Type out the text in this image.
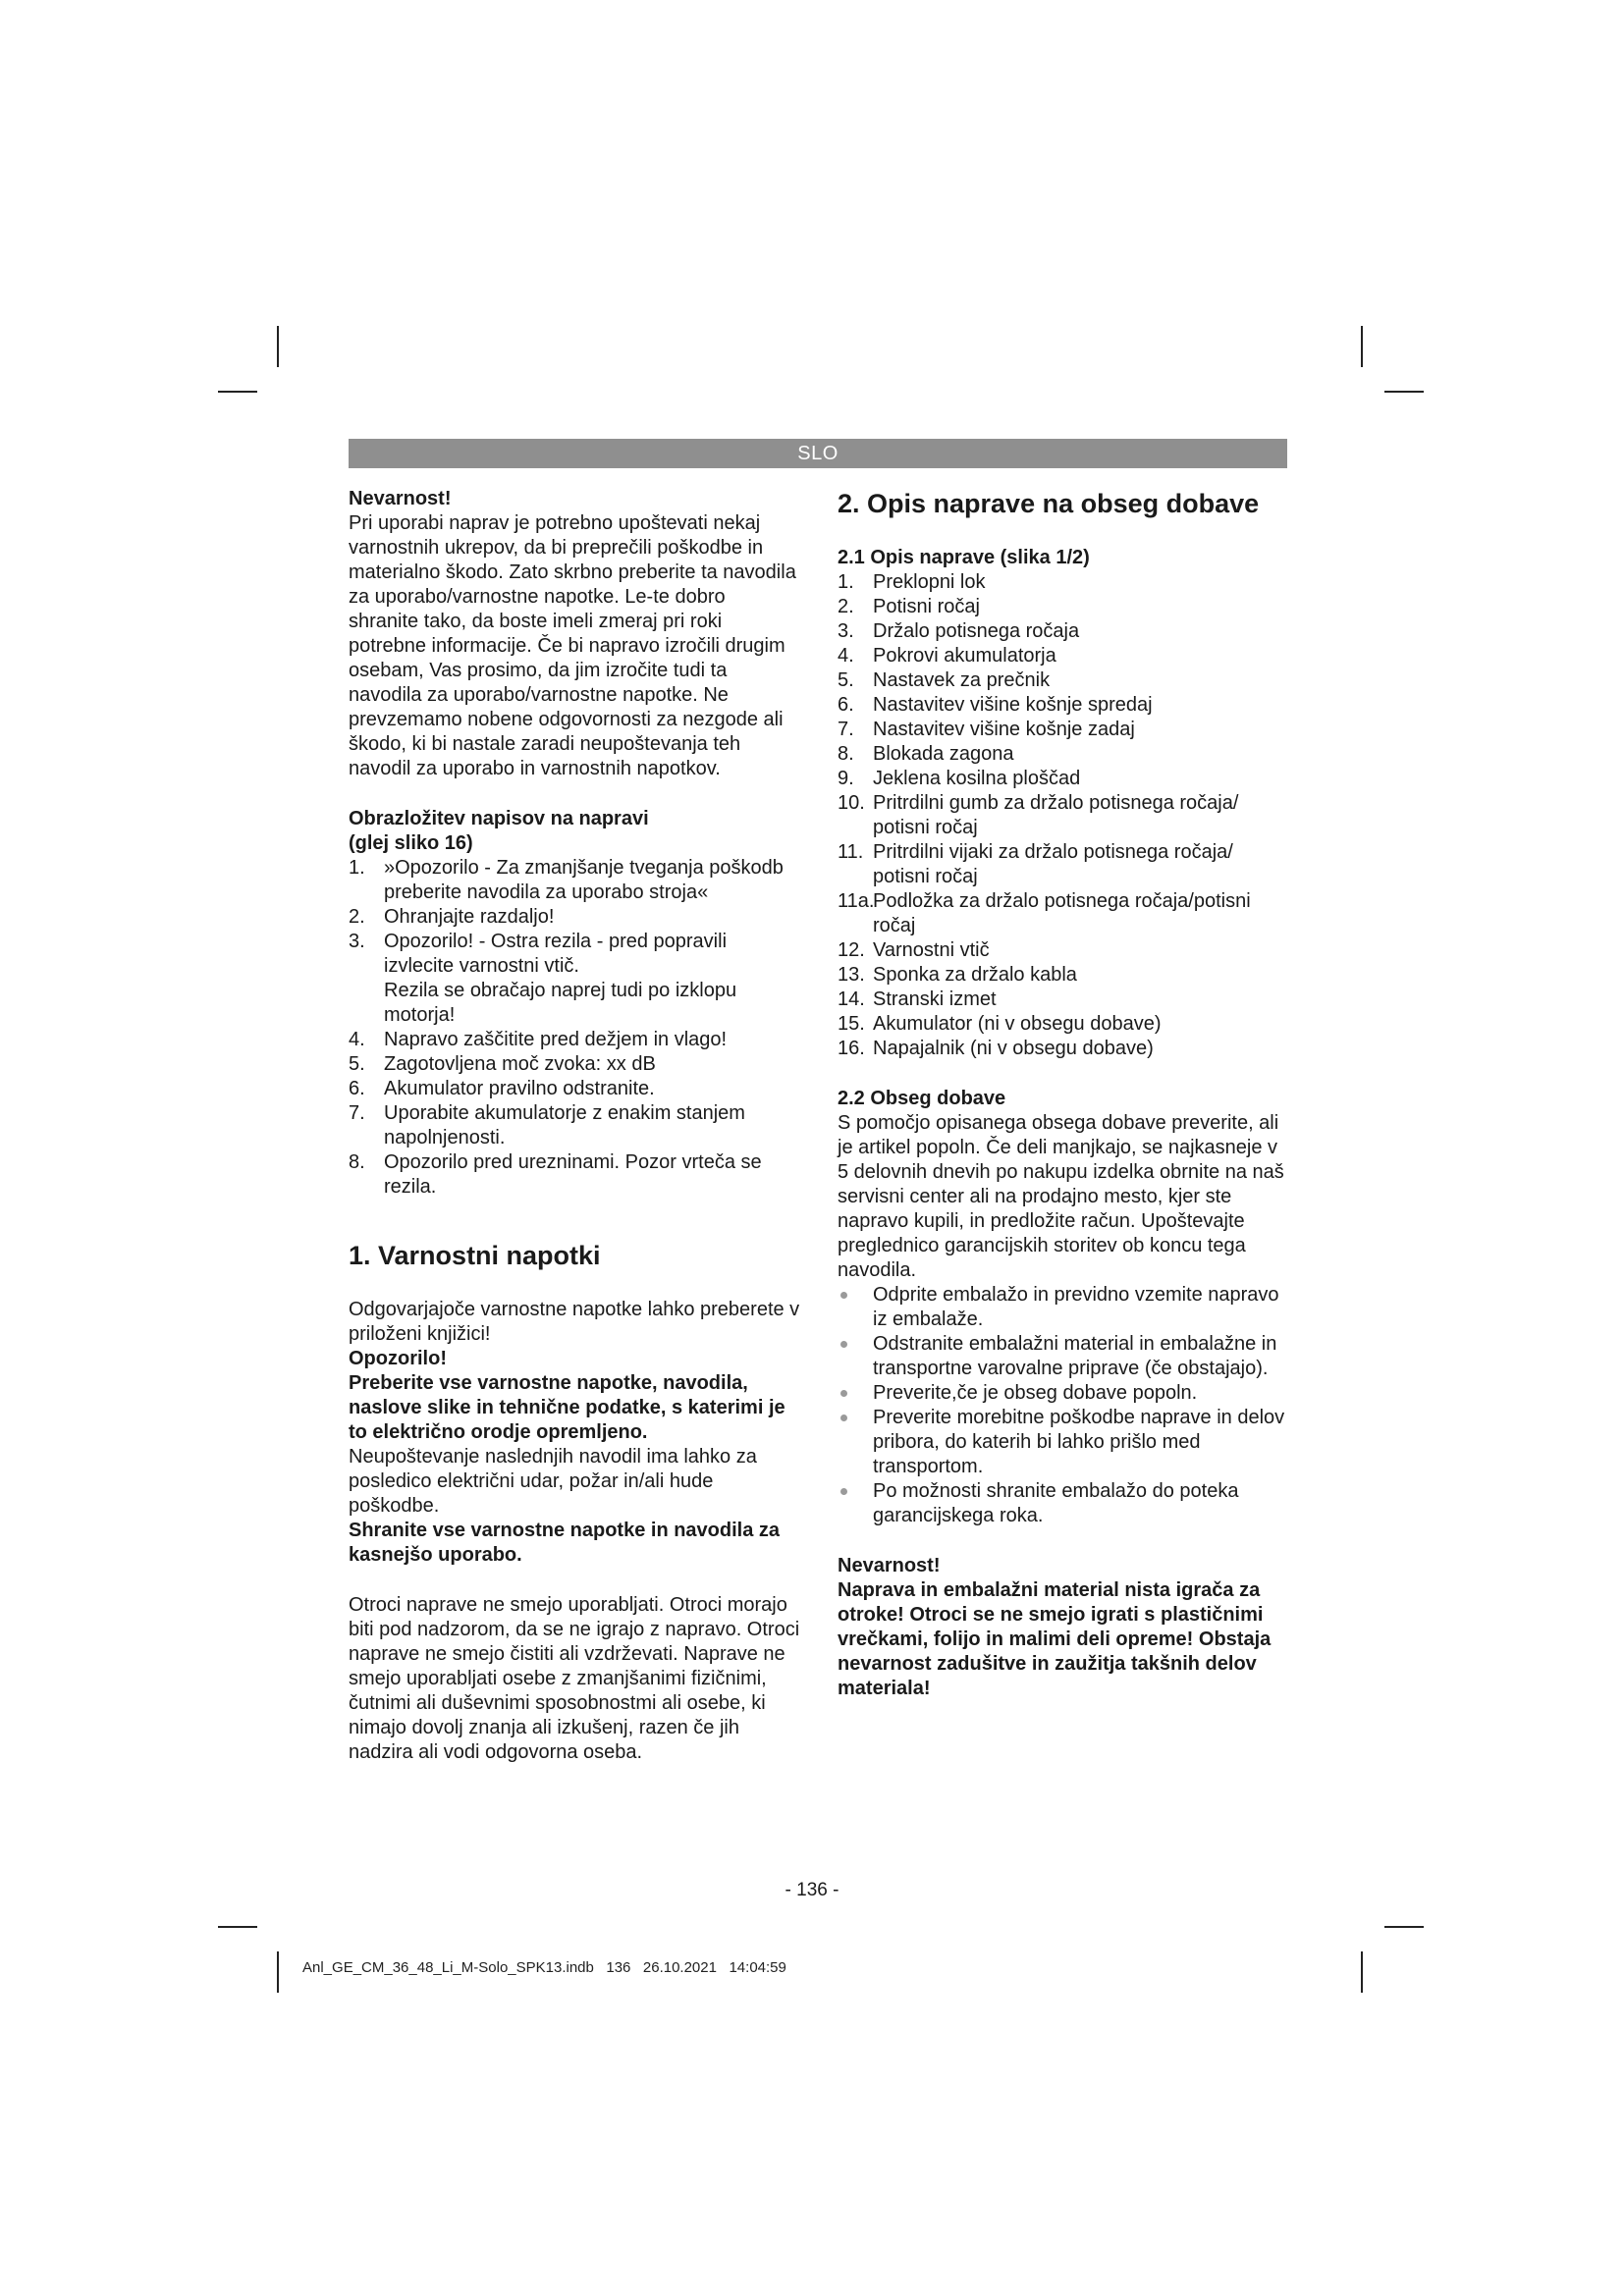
SLO

Nevarnost!

Pri uporabi naprav je potrebno upoštevati nekaj varnostnih ukrepov, da bi preprečili poškodbe in materialno škodo. Zato skrbno preberite ta navodila za uporabo/varnostne napotke. Le-te dobro shranite tako, da boste imeli zmeraj pri roki potrebne informacije. Če bi napravo izročili drugim osebam, Vas prosimo, da jim izročite tudi ta navodila za uporabo/varnostne napotke. Ne prevzemamo nobene odgovornosti za nezgode ali škodo, ki bi nastale zaradi neupoštevanja teh navodil za uporabo in varnostnih napotkov.

Obrazložitev napisov na napravi

(glej sliko 16)

1. »Opozorilo - Za zmanjšanje tveganja poškodb preberite navodila za uporabo stroja«
2. Ohranjajte razdaljo!
3. Opozorilo! - Ostra rezila - pred popravili izvlecite varnostni vtič.
Rezila se obračajo naprej tudi po izklopu motorja!
4. Napravo zaščitite pred dežjem in vlago!
5. Zagotovljena moč zvoka: xx dB
6. Akumulator pravilno odstranite.
7. Uporabite akumulatorje z enakim stanjem napolnjenosti.
8. Opozorilo pred urezninami. Pozor vrteča se rezila.

1. Varnostni napotki

Odgovarjajoče varnostne napotke lahko preberete v priloženi knjižici!

Opozorilo!

Preberite vse varnostne napotke, navodila, naslove slike in tehnične podatke, s katerimi je to električno orodje opremljeno.

Neupoštevanje naslednjih navodil ima lahko za posledico električni udar, požar in/ali hude poškodbe.

Shranite vse varnostne napotke in navodila za kasnejšo uporabo.

Otroci naprave ne smejo uporabljati. Otroci morajo biti pod nadzorom, da se ne igrajo z napravo. Otroci naprave ne smejo čistiti ali vzdrževati. Naprave ne smejo uporabljati osebe z zmanjšanimi fizičnimi, čutnimi ali duševnimi sposobnostmi ali osebe, ki nimajo dovolj znanja ali izkušenj, razen če jih nadzira ali vodi odgovorna oseba.

2. Opis naprave na obseg dobave

2.1 Opis naprave (slika 1/2)

1. Preklopni lok
2. Potisni ročaj
3. Držalo potisnega ročaja
4. Pokrovi akumulatorja
5. Nastavek za prečnik
6. Nastavitev višine košnje spredaj
7. Nastavitev višine košnje zadaj
8. Blokada zagona
9. Jeklena kosilna ploščad
10. Pritrdilni gumb za držalo potisnega ročaja/ potisni ročaj
11. Pritrdilni vijaki za držalo potisnega ročaja/ potisni ročaj
11a.
Podložka za držalo potisnega ročaja/potisni ročaj
12. Varnostni vtič
13. Sponka za držalo kabla
14. Stranski izmet
15. Akumulator (ni v obsegu dobave)
16. Napajalnik (ni v obsegu dobave)

2.2 Obseg dobave

S pomočjo opisanega obsega dobave preverite, ali je artikel popoln. Če deli manjkajo, se najkasneje v 5 delovnih dnevih po nakupu izdelka obrnite na naš servisni center ali na prodajno mesto, kjer ste napravo kupili, in predložite račun. Upoštevajte preglednico garancijskih storitev ob koncu tega navodila.

Odprite embalažo in previdno vzemite napravo iz embalaže.
Odstranite embalažni material in embalažne in transportne varovalne priprave (če obstajajo).
Preverite,če je obseg dobave popoln.
Preverite morebitne poškodbe naprave in delov pribora, do katerih bi lahko prišlo med transportom.
Po možnosti shranite embalažo do poteka garancijskega roka.

Nevarnost!

Naprava in embalažni material nista igrača za otroke! Otroci se ne smejo igrati s plastičnimi vrečkami, folijo in malimi deli opreme! Obstaja nevarnost zadušitve in zaužitja takšnih delov materiala!

- 136 -
Anl_GE_CM_36_48_Li_M-Solo_SPK13.indb   136   26.10.2021   14:04:59
